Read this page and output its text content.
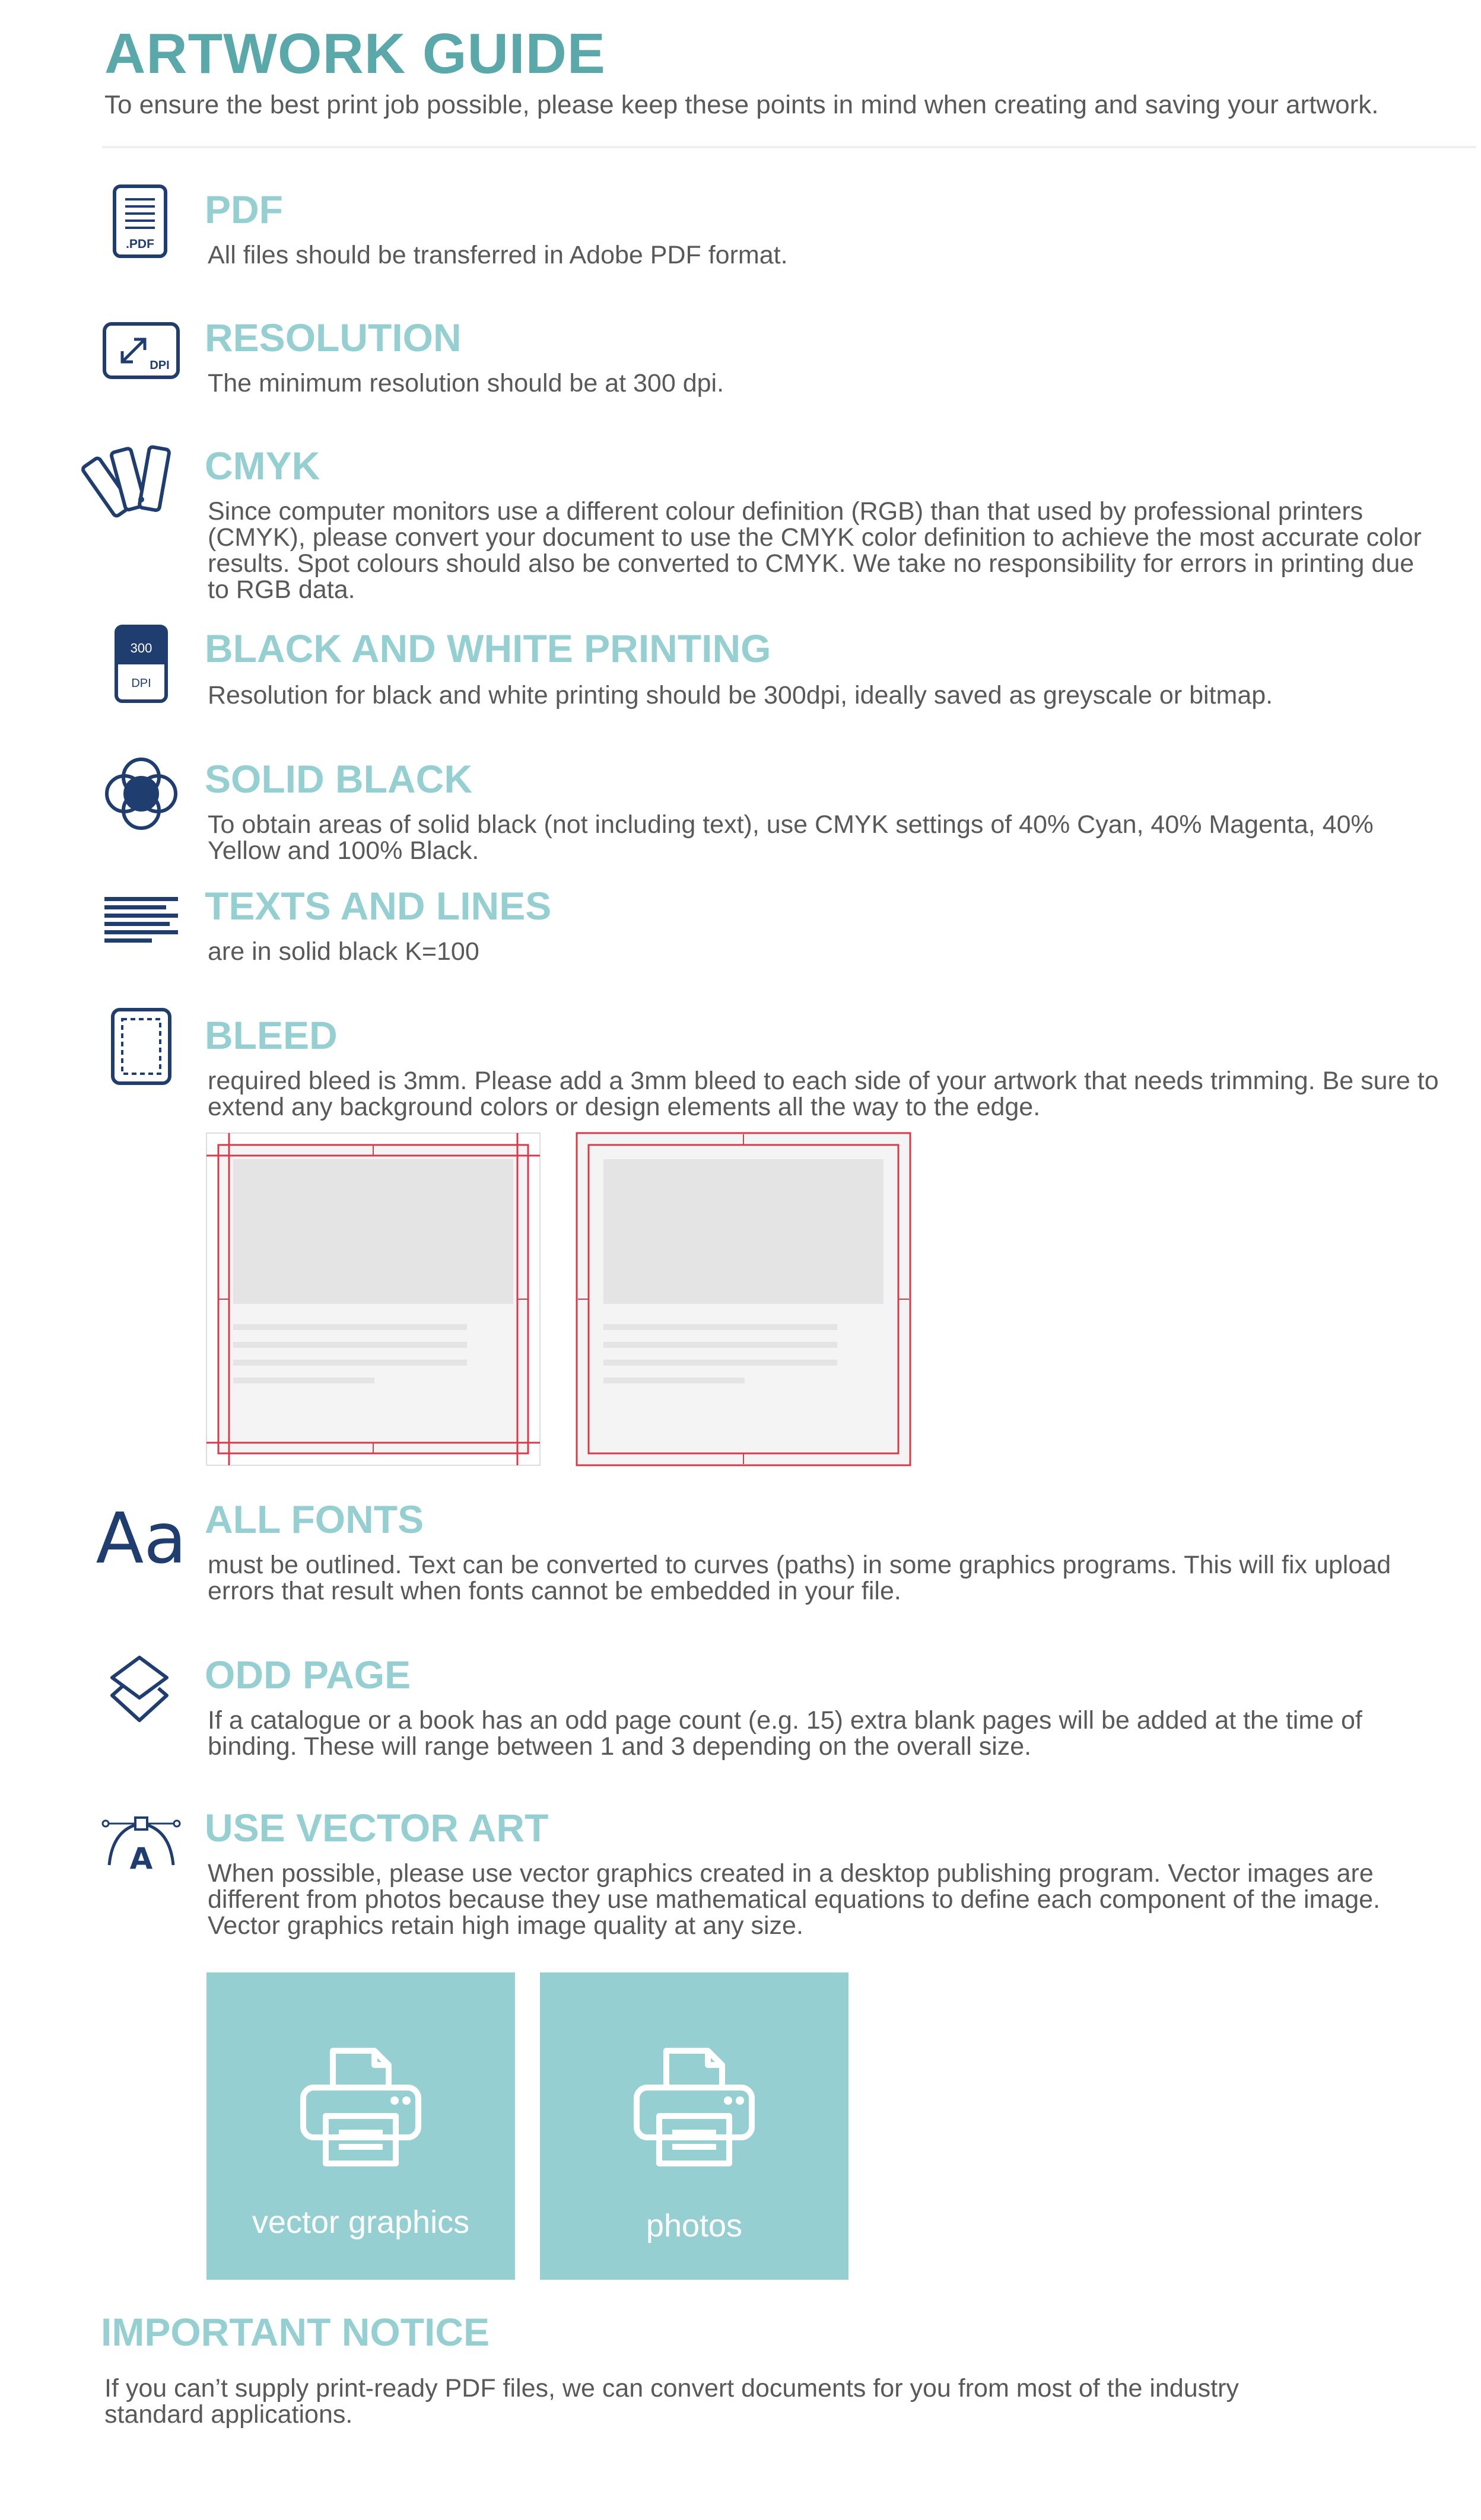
ARTWORK GUIDE

To ensure the best print job possible, please keep these points in mind when creating and saving your artwork.

.PDF
PDF

All files should be transferred in Adobe PDF format.

DPI
RESOLUTION

The minimum resolution should be at 300 dpi.

CMYK

Since computer monitors use a different colour definition (RGB) than that used by professional printers (CMYK), please convert your document to use the CMYK color definition to achieve the most accurate color results. Spot colours should also be converted to CMYK. We take no responsibility for errors in printing due to RGB data.

300
DPI
BLACK AND WHITE PRINTING

Resolution for black and white printing should be 300dpi, ideally saved as greyscale or bitmap.

SOLID BLACK

To obtain areas of solid black (not including text), use CMYK settings of 40% Cyan, 40% Magenta, 40% Yellow and 100% Black.

TEXTS AND LINES

are in solid black K=100

BLEED

required bleed is 3mm. Please add a 3mm bleed to each side of your artwork that needs trimming. Be sure to extend any background colors or design elements all the way to the edge.

Aa ALL FONTS

must be outlined. Text can be converted to curves (paths) in some graphics programs. This will fix upload errors that result when fonts cannot be embedded in your file.

ODD PAGE

If a catalogue or a book has an odd page count (e.g. 15) extra blank pages will be added at the time of binding. These will range between 1 and 3 depending on the overall size.

A
USE VECTOR ART

When possible, please use vector graphics created in a desktop publishing program. Vector images are different from photos because they use mathematical equations to define each component of the image. Vector graphics retain high image quality at any size.

vector graphics	photos
IMPORTANT NOTICE

If you can’t supply print-ready PDF files, we can convert documents for you from most of the industry standard applications.
